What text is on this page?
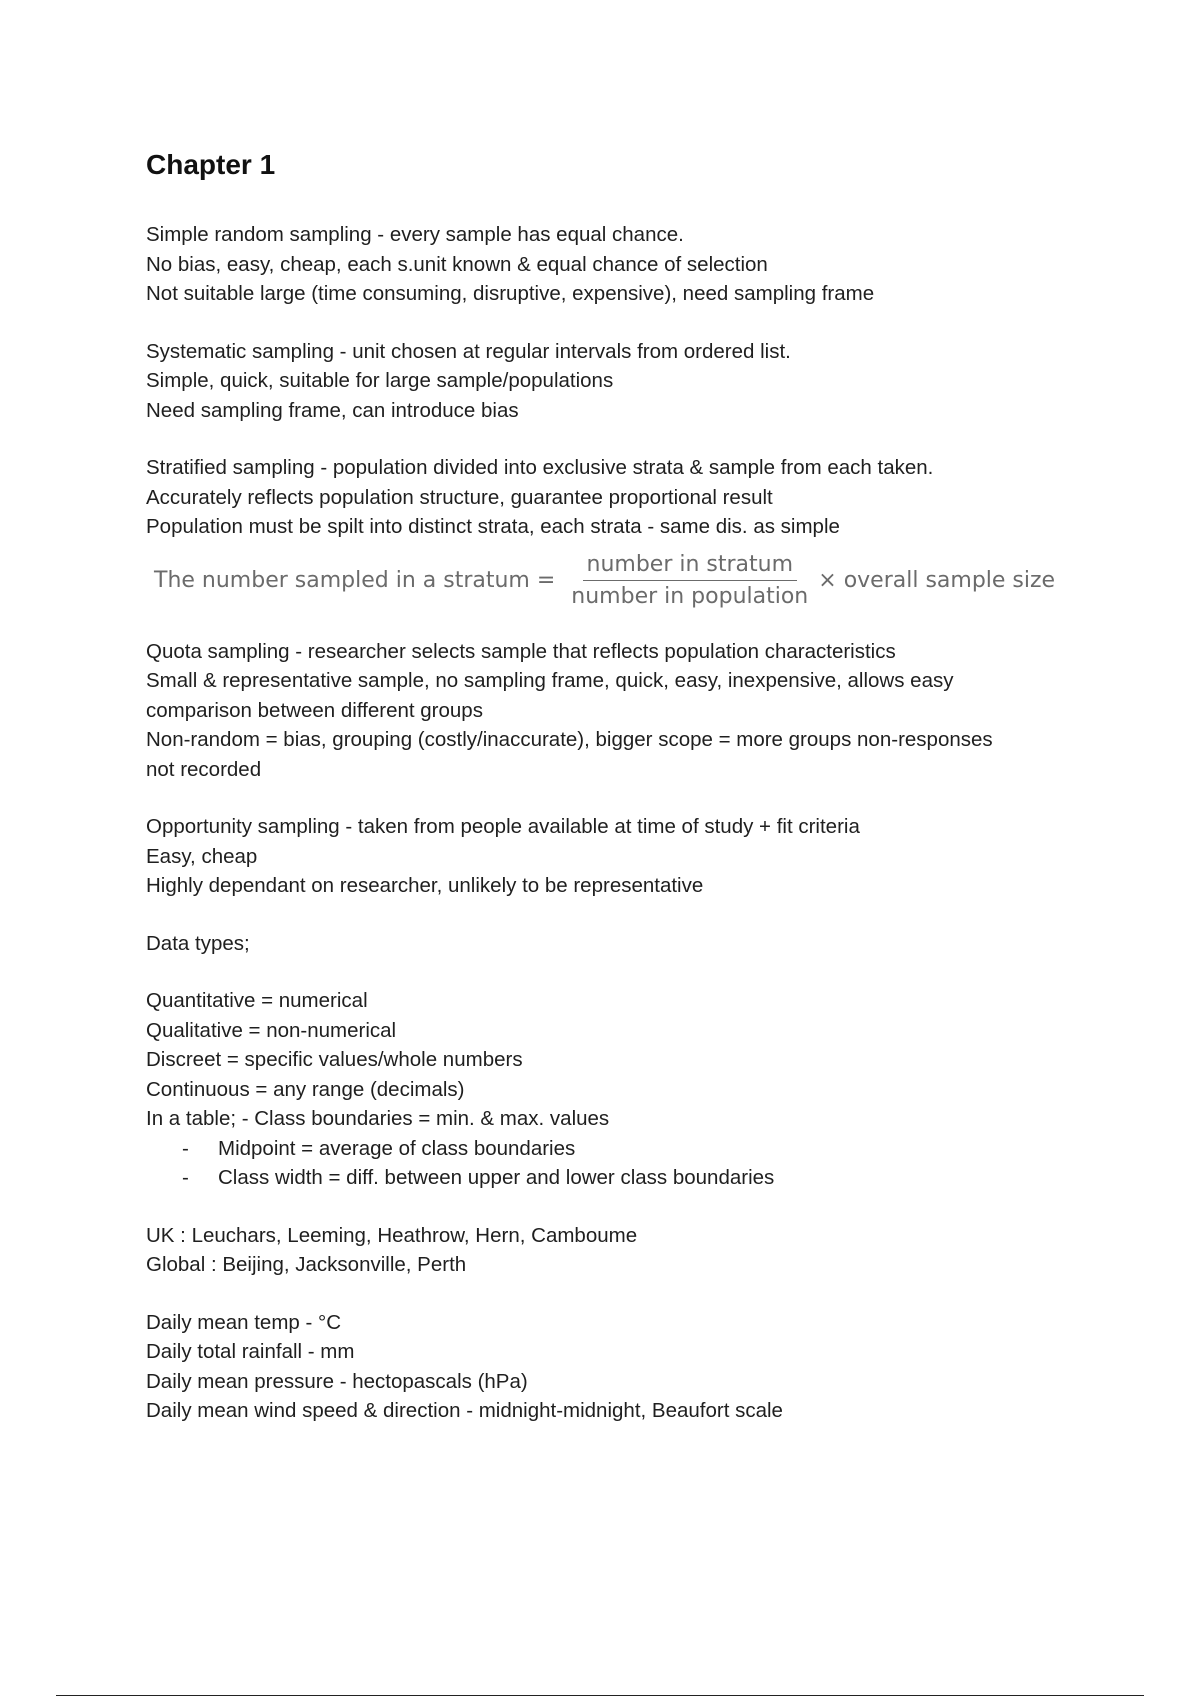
Chapter 1

Simple random sampling - every sample has equal chance.

No bias, easy, cheap, each s.unit known & equal chance of selection

Not suitable large (time consuming, disruptive, expensive), need sampling frame

Systematic sampling - unit chosen at regular intervals from ordered list.

Simple, quick, suitable for large sample/populations

Need sampling frame, can introduce bias

Stratified sampling - population divided into exclusive strata & sample from each taken.

Accurately reflects population structure, guarantee proportional result

Population must be spilt into distinct strata, each strata - same dis. as simple

The number sampled in a stratum = $\frac{\text{number in stratum}}{\text{number in population}}$ × overall sample size

Quota sampling - researcher selects sample that reflects population characteristics

Small & representative sample, no sampling frame, quick, easy, inexpensive, allows easy

comparison between different groups

Non-random = bias, grouping (costly/inaccurate), bigger scope = more groups non-responses

not recorded

Opportunity sampling - taken from people available at time of study + fit criteria

Easy, cheap

Highly dependant on researcher, unlikely to be representative

Data types;

Quantitative = numerical

Qualitative = non-numerical

Discreet = specific values/whole numbers

Continuous = any range (decimals)

In a table; - Class boundaries = min. & max. values

-	Midpoint = average of class boundaries
-	Class width = diff. between upper and lower class boundaries

UK : Leuchars, Leeming, Heathrow, Hern, Camboume

Global : Beijing, Jacksonville, Perth

Daily mean temp - °C

Daily total rainfall - mm

Daily mean pressure - hectopascals (hPa)

Daily mean wind speed & direction - midnight-midnight, Beaufort scale
